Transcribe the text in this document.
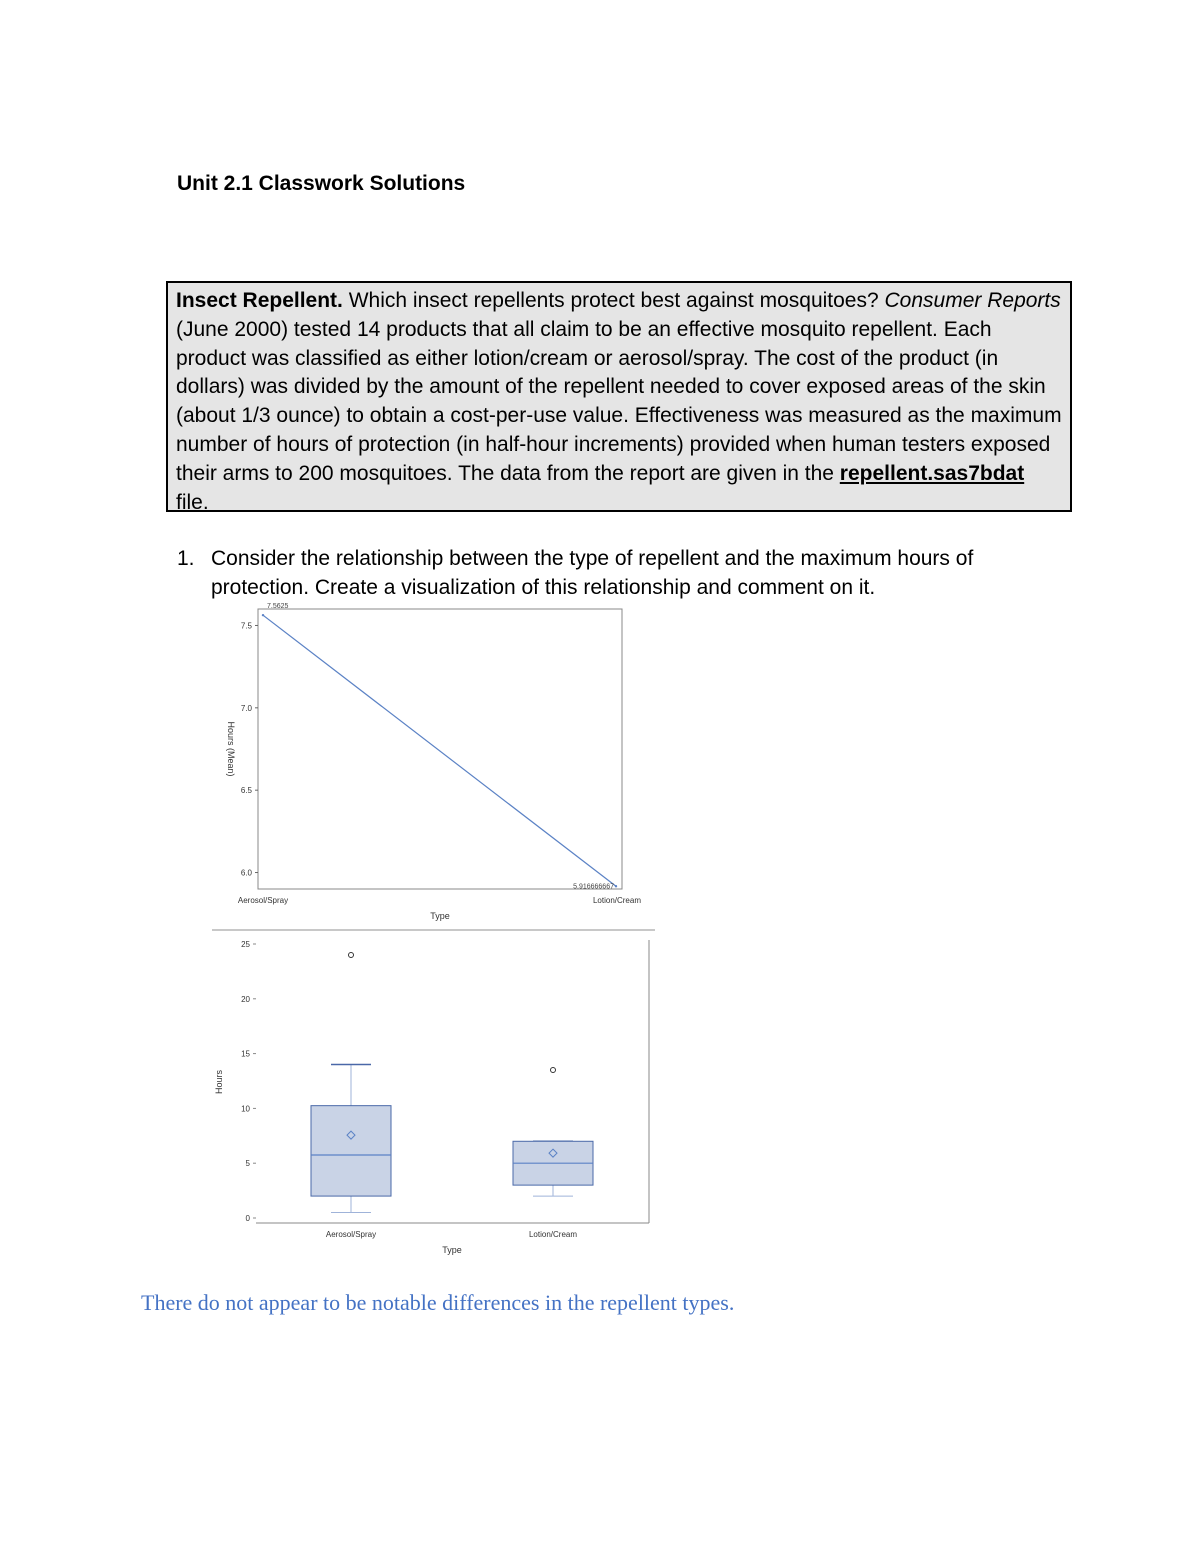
Unit 2.1 Classwork Solutions
Insect Repellent. Which insect repellents protect best against mosquitoes? Consumer Reports (June 2000) tested 14 products that all claim to be an effective mosquito repellent. Each product was classified as either lotion/cream or aerosol/spray. The cost of the product (in dollars) was divided by the amount of the repellent needed to cover exposed areas of the skin (about 1/3 ounce) to obtain a cost-per-use value. Effectiveness was measured as the maximum number of hours of protection (in half-hour increments) provided when human testers exposed their arms to 200 mosquitoes. The data from the report are given in the repellent.sas7bdat file.
1. Consider the relationship between the type of repellent and the maximum hours of protection. Create a visualization of this relationship and comment on it.
6.0
6.5
7.0
7.5
Aerosol/Spray	Lotion/Cream
7.5625
5.916666667
Type
Hours (Mean)
0
5
10
15
20
25
Aerosol/Spray	Lotion/Cream
Type
Hours
There do not appear to be notable differences in the repellent types.
